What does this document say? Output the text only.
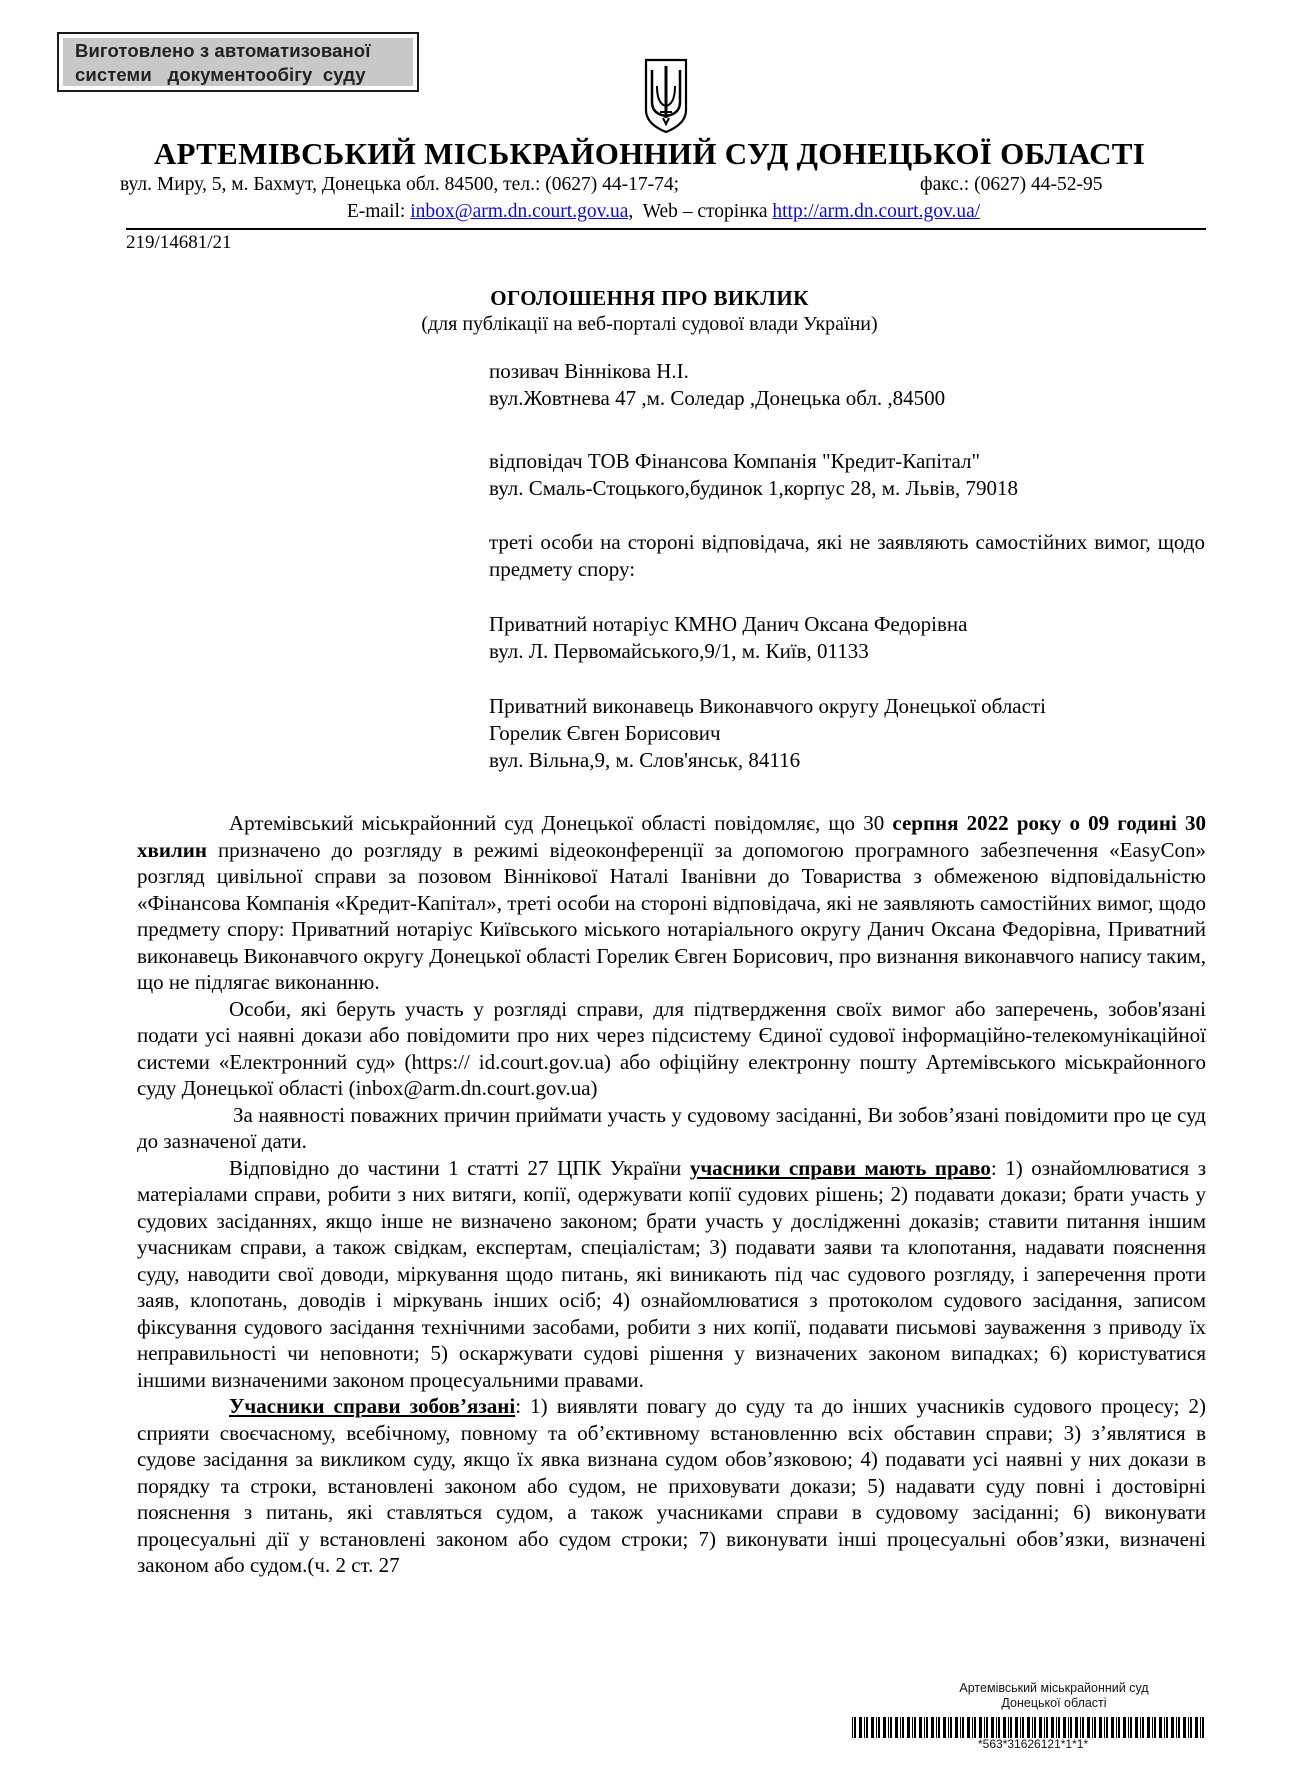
Виготовлено з автоматизованої
системи   документообігу  суду
АРТЕМІВСЬКИЙ МІСЬКРАЙОННИЙ СУД ДОНЕЦЬКОЇ ОБЛАСТІ
вул. Миру, 5, м. Бахмут, Донецька обл. 84500, тел.: (0627) 44-17-74;	факс.: (0627) 44-52-95
E-mail: inbox@arm.dn.court.gov.ua,  Web – сторінка http://arm.dn.court.gov.ua/
219/14681/21
ОГОЛОШЕННЯ ПРО ВИКЛИК
(для публікації на веб-порталі судової влади України)
позивач Віннікова Н.І.
вул.Жовтнева 47 ,м. Соледар ,Донецька обл. ,84500
відповідач ТОВ Фінансова Компанія "Кредит-Капітал"
вул. Смаль-Стоцького,будинок 1,корпус 28, м. Львів, 79018
треті особи на стороні відповідача, які не заявляють самостійних вимог, щодо предмету спору:
Приватний нотаріус КМНО Данич Оксана Федорівна
вул. Л. Первомайського,9/1, м. Київ, 01133
Приватний виконавець Виконавчого округу Донецької області
Горелик Євген Борисович
вул. Вільна,9, м. Слов'янськ, 84116

Артемівський міськрайонний суд Донецької області повідомляє, що 30 серпня 2022 року о 09 годині 30 хвилин призначено до розгляду в режимі відеоконференції за допомогою програмного забезпечення «EasyCon» розгляд цивільної справи за позовом Віннікової Наталі Іванівни до Товариства з обмеженою відповідальністю «Фінансова Компанія «Кредит-Капітал», треті особи на стороні відповідача, які не заявляють самостійних вимог, щодо предмету спору: Приватний нотаріус Київського міського нотаріального округу Данич Оксана Федорівна, Приватний виконавець Виконавчого округу Донецької області Горелик Євген Борисович, про визнання виконавчого напису таким, що не підлягає виконанню.

Особи, які беруть участь у розгляді справи, для підтвердження своїх вимог або заперечень, зобов'язані подати усі наявні докази або повідомити про них через підсистему Єдиної судової інформаційно-телекомунікаційної системи «Електронний суд» (https:// id.court.gov.ua) або офіційну електронну пошту Артемівського міськрайонного суду Донецької області (inbox@arm.dn.court.gov.ua)

За наявності поважних причин приймати участь у судовому засіданні, Ви зобов’язані повідомити про це суд до зазначеної дати.

Відповідно до частини 1 статті 27 ЦПК України учасники справи мають право: 1) ознайомлюватися з матеріалами справи, робити з них витяги, копії, одержувати копії судових рішень; 2) подавати докази; брати участь у судових засіданнях, якщо інше не визначено законом; брати участь у дослідженні доказів; ставити питання іншим учасникам справи, а також свідкам, експертам, спеціалістам; 3) подавати заяви та клопотання, надавати пояснення суду, наводити свої доводи, міркування щодо питань, які виникають під час судового розгляду, і заперечення проти заяв, клопотань, доводів і міркувань інших осіб; 4) ознайомлюватися з протоколом судового засідання, записом фіксування судового засідання технічними засобами, робити з них копії, подавати письмові зауваження з приводу їх неправильності чи неповноти; 5) оскаржувати судові рішення у визначених законом випадках; 6) користуватися іншими визначеними законом процесуальними правами.

Учасники справи зобов’язані: 1) виявляти повагу до суду та до інших учасників судового процесу; 2) сприяти своєчасному, всебічному, повному та об’єктивному встановленню всіх обставин справи; 3) з’являтися в судове засідання за викликом суду, якщо їх явка визнана судом обов’язковою; 4) подавати усі наявні у них докази в порядку та строки, встановлені законом або судом, не приховувати докази; 5) надавати суду повні і достовірні пояснення з питань, які ставляться судом, а також учасниками справи в судовому засіданні; 6) виконувати процесуальні дії у встановлені законом або судом строки; 7) виконувати інші процесуальні обов’язки, визначені законом або судом.(ч. 2 ст. 27

Артемівський міськрайонний суд
Донецької області
*563*31626121*1*1*
